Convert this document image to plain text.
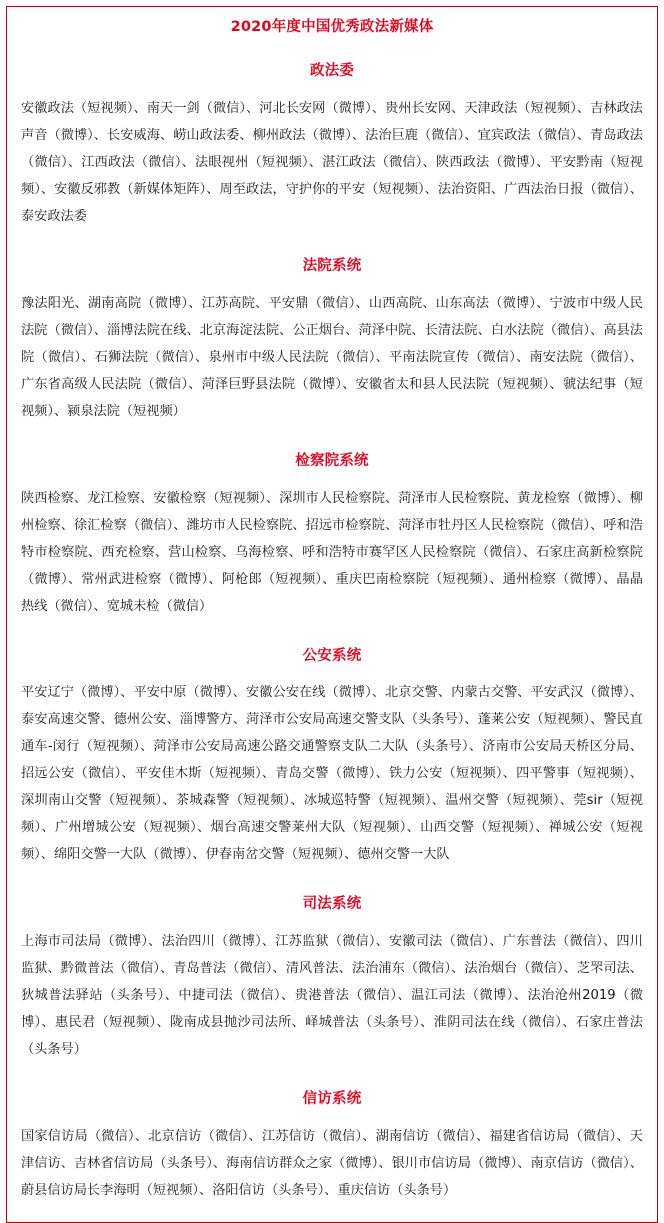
2020年度中国优秀政法新媒体
政法委
安徽政法（短视频）、南天一剑（微信）、河北长安网（微博）、贵州长安网、天津政法（短视频）、吉林政法声音（微博）、长安威海、崂山政法委、柳州政法（微博）、法治巨鹿（微信）、宜宾政法（微信）、青岛政法（微信）、江西政法（微信）、法眼视州（短视频）、湛江政法（微信）、陕西政法（微博）、平安黔南（短视频）、安徽反邪教（新媒体矩阵）、周至政法，守护你的平安（短视频）、法治资阳、广西法治日报（微信）、泰安政法委
法院系统
豫法阳光、湖南高院（微博）、江苏高院、平安鼎（微信）、山西高院、山东高法（微博）、宁波市中级人民法院（微信）、淄博法院在线、北京海淀法院、公正烟台、菏泽中院、长清法院、白水法院（微信）、高县法院（微信）、石狮法院（微信）、泉州市中级人民法院（微信）、平南法院宣传（微信）、南安法院（微信）、广东省高级人民法院（微信）、菏泽巨野县法院（微博）、安徽省太和县人民法院（短视频）、虢法纪事（短视频）、颍泉法院（短视频）
检察院系统
陕西检察、龙江检察、安徽检察（短视频）、深圳市人民检察院、菏泽市人民检察院、黄龙检察（微博）、柳州检察、徐汇检察（微信）、潍坊市人民检察院、招远市检察院、菏泽市牡丹区人民检察院（微信）、呼和浩特市检察院、西充检察、营山检察、乌海检察、呼和浩特市赛罕区人民检察院（微信）、石家庄高新检察院（微博）、常州武进检察（微博）、阿枪郎（短视频）、重庆巴南检察院（短视频）、通州检察（微博）、晶晶热线（微信）、宽城未检（微信）
公安系统
平安辽宁（微博）、平安中原（微博）、安徽公安在线（微博）、北京交警、内蒙古交警、平安武汉（微博）、泰安高速交警、德州公安、淄博警方、菏泽市公安局高速交警支队（头条号）、蓬莱公安（短视频）、警民直通车-闵行（短视频）、菏泽市公安局高速公路交通警察支队二大队（头条号）、济南市公安局天桥区分局、招远公安（微信）、平安佳木斯（短视频）、青岛交警（微博）、铁力公安（短视频）、四平警事（短视频）、深圳南山交警（短视频）、茶城森警（短视频）、冰城巡特警（短视频）、温州交警（短视频）、莞sir（短视频）、广州增城公安（短视频）、烟台高速交警莱州大队（短视频）、山西交警（短视频）、禅城公安（短视频）、绵阳交警一大队（微博）、伊春南岔交警（短视频）、德州交警一大队
司法系统
上海市司法局（微博）、法治四川（微博）、江苏监狱（微信）、安徽司法（微信）、广东普法（微信）、四川监狱、黔微普法（微信）、青岛普法（微信）、清风普法、法治浦东（微信）、法治烟台（微信）、芝罘司法、狄城普法驿站（头条号）、中捷司法（微信）、贵港普法（微信）、温江司法（微博）、法治沧州2019（微博）、惠民君（短视频）、陇南成县抛沙司法所、峄城普法（头条号）、淮阴司法在线（微信）、石家庄普法（头条号）
信访系统
国家信访局（微信）、北京信访（微信）、江苏信访（微信）、湖南信访（微信）、福建省信访局（微信）、天津信访、吉林省信访局（头条号）、海南信访群众之家（微博）、银川市信访局（微博）、南京信访（微信）、蔚县信访局长李海明（短视频）、洛阳信访（头条号）、重庆信访（头条号）
